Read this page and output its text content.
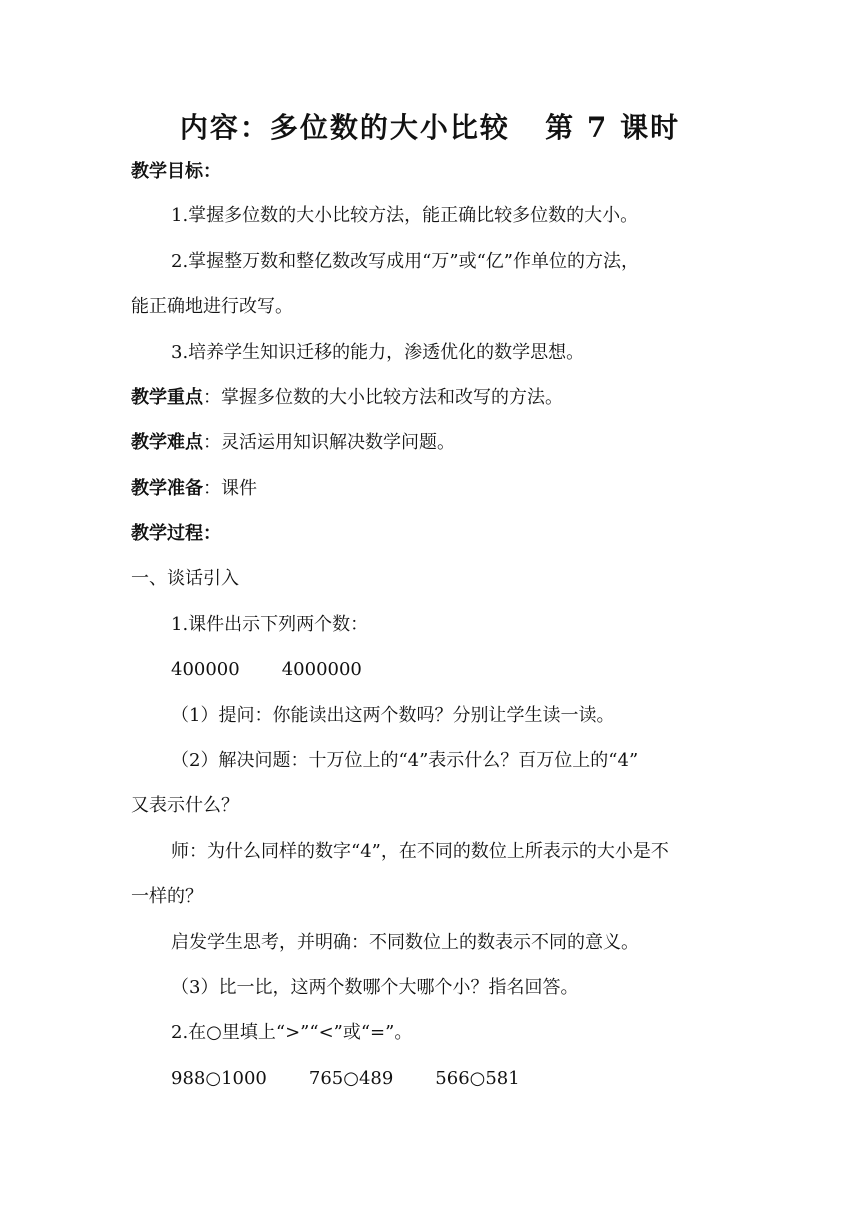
内容：多位数的大小比较   第 7 课时
教学目标：
1.掌握多位数的大小比较方法，能正确比较多位数的大小。
2.掌握整万数和整亿数改写成用“万”或“亿”作单位的方法，
能正确地进行改写。
3.培养学生知识迁移的能力，渗透优化的数学思想。
教学重点：掌握多位数的大小比较方法和改写的方法。
教学难点：灵活运用知识解决数学问题。
教学准备：课件
教学过程：
一、谈话引入
1.课件出示下列两个数：
400000 4000000
（1）提问：你能读出这两个数吗？分别让学生读一读。
（2）解决问题：十万位上的“4”表示什么？百万位上的“4”
又表示什么？
师：为什么同样的数字“4”，在不同的数位上所表示的大小是不
一样的？
启发学生思考，并明确：不同数位上的数表示不同的意义。
（3）比一比，这两个数哪个大哪个小？指名回答。
2.在○里填上“>”“<”或“=”。
988○1000 765○489 566○581
